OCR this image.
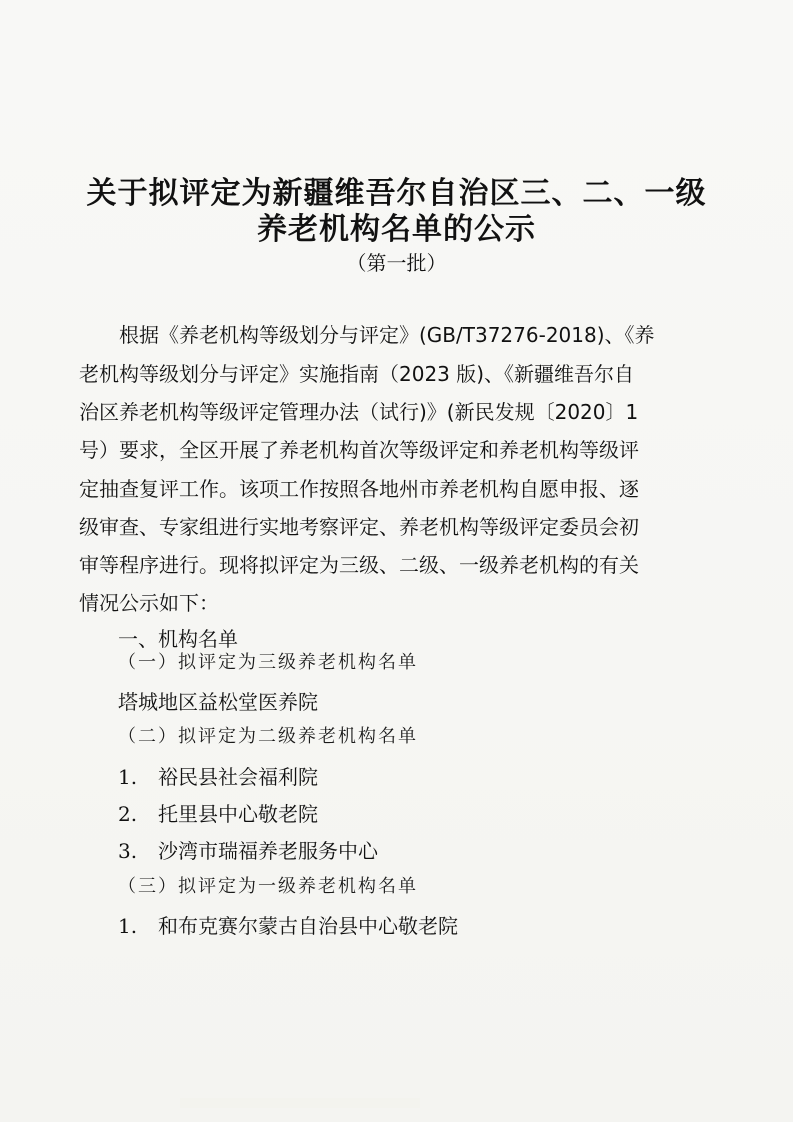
关于拟评定为新疆维吾尔自治区三、二、一级
养老机构名单的公示
（第一批）
　　根据《养老机构等级划分与评定》(GB/T37276-2018)、《养
老机构等级划分与评定》实施指南（2023 版)、《新疆维吾尔自
治区养老机构等级评定管理办法（试行)》(新民发规〔2020〕1
号）要求，全区开展了养老机构首次等级评定和养老机构等级评
定抽查复评工作。该项工作按照各地州市养老机构自愿申报、逐
级审查、专家组进行实地考察评定、养老机构等级评定委员会初
审等程序进行。现将拟评定为三级、二级、一级养老机构的有关
情况公示如下：
一、机构名单
（一）拟评定为三级养老机构名单
塔城地区益松堂医养院
（二）拟评定为二级养老机构名单
1. 裕民县社会福利院
2. 托里县中心敬老院
3. 沙湾市瑞福养老服务中心
（三）拟评定为一级养老机构名单
1. 和布克赛尔蒙古自治县中心敬老院
